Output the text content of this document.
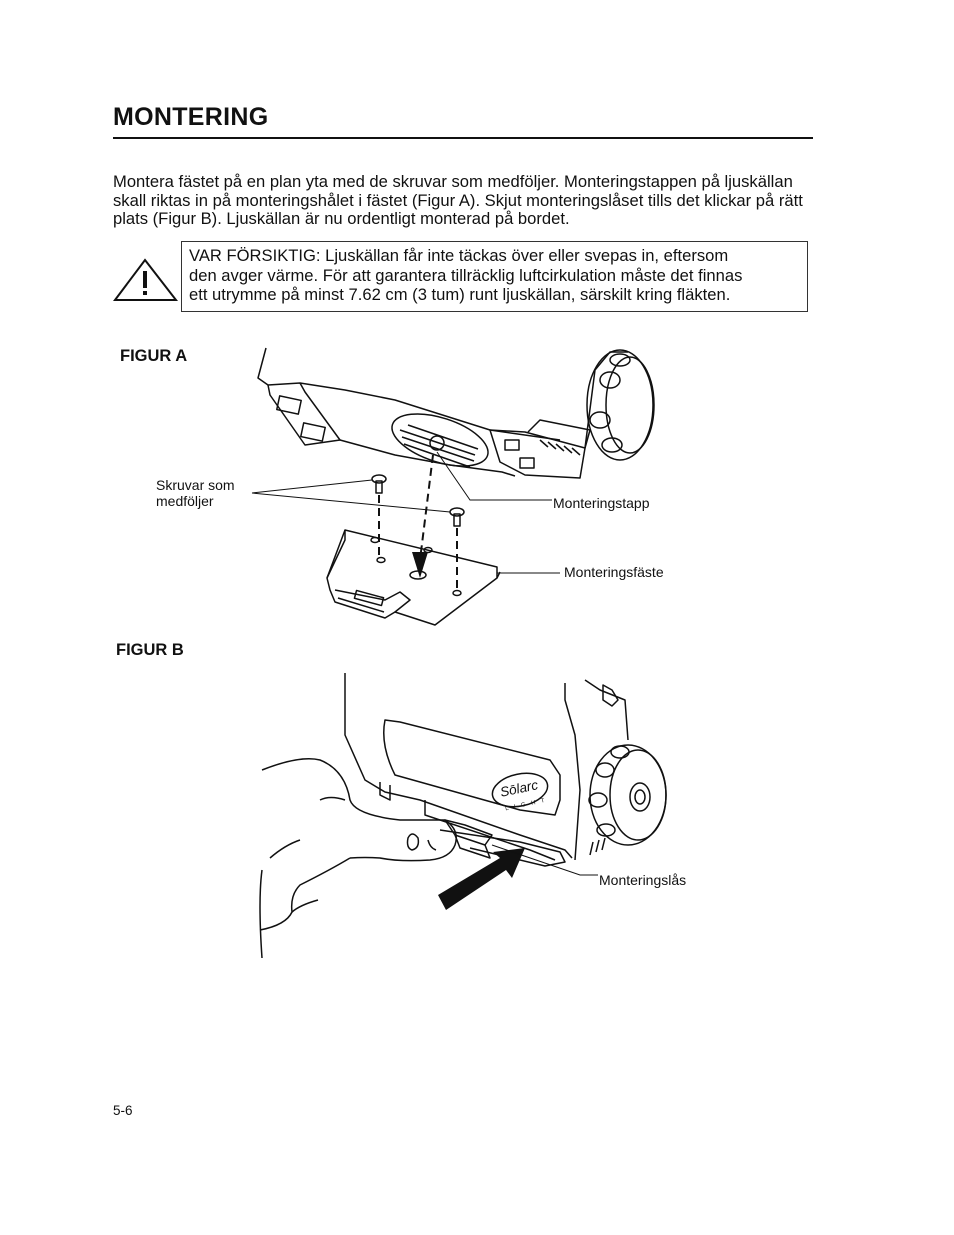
MONTERING
Montera fästet på en plan yta med de skruvar som medföljer. Monteringstappen på ljuskällan skall riktas in på monteringshålet i fästet (Figur A). Skjut monteringslåset tills det klickar på rätt plats (Figur B). Ljuskällan är nu ordentligt monterad på bordet.
VAR FÖRSIKTIG: Ljuskällan får inte täckas över eller svepas in, eftersom
den avger värme. För att garantera tillräcklig luftcirkulation måste det finnas
ett utrymme på minst 7.62 cm (3 tum) runt ljuskällan, särskilt kring fläkten.
FIGUR A
Skruvar som
medföljer	Monteringstapp
Monteringsfäste
FIGUR B
Sōlarc
L I G H T
Monteringslås
5-6
